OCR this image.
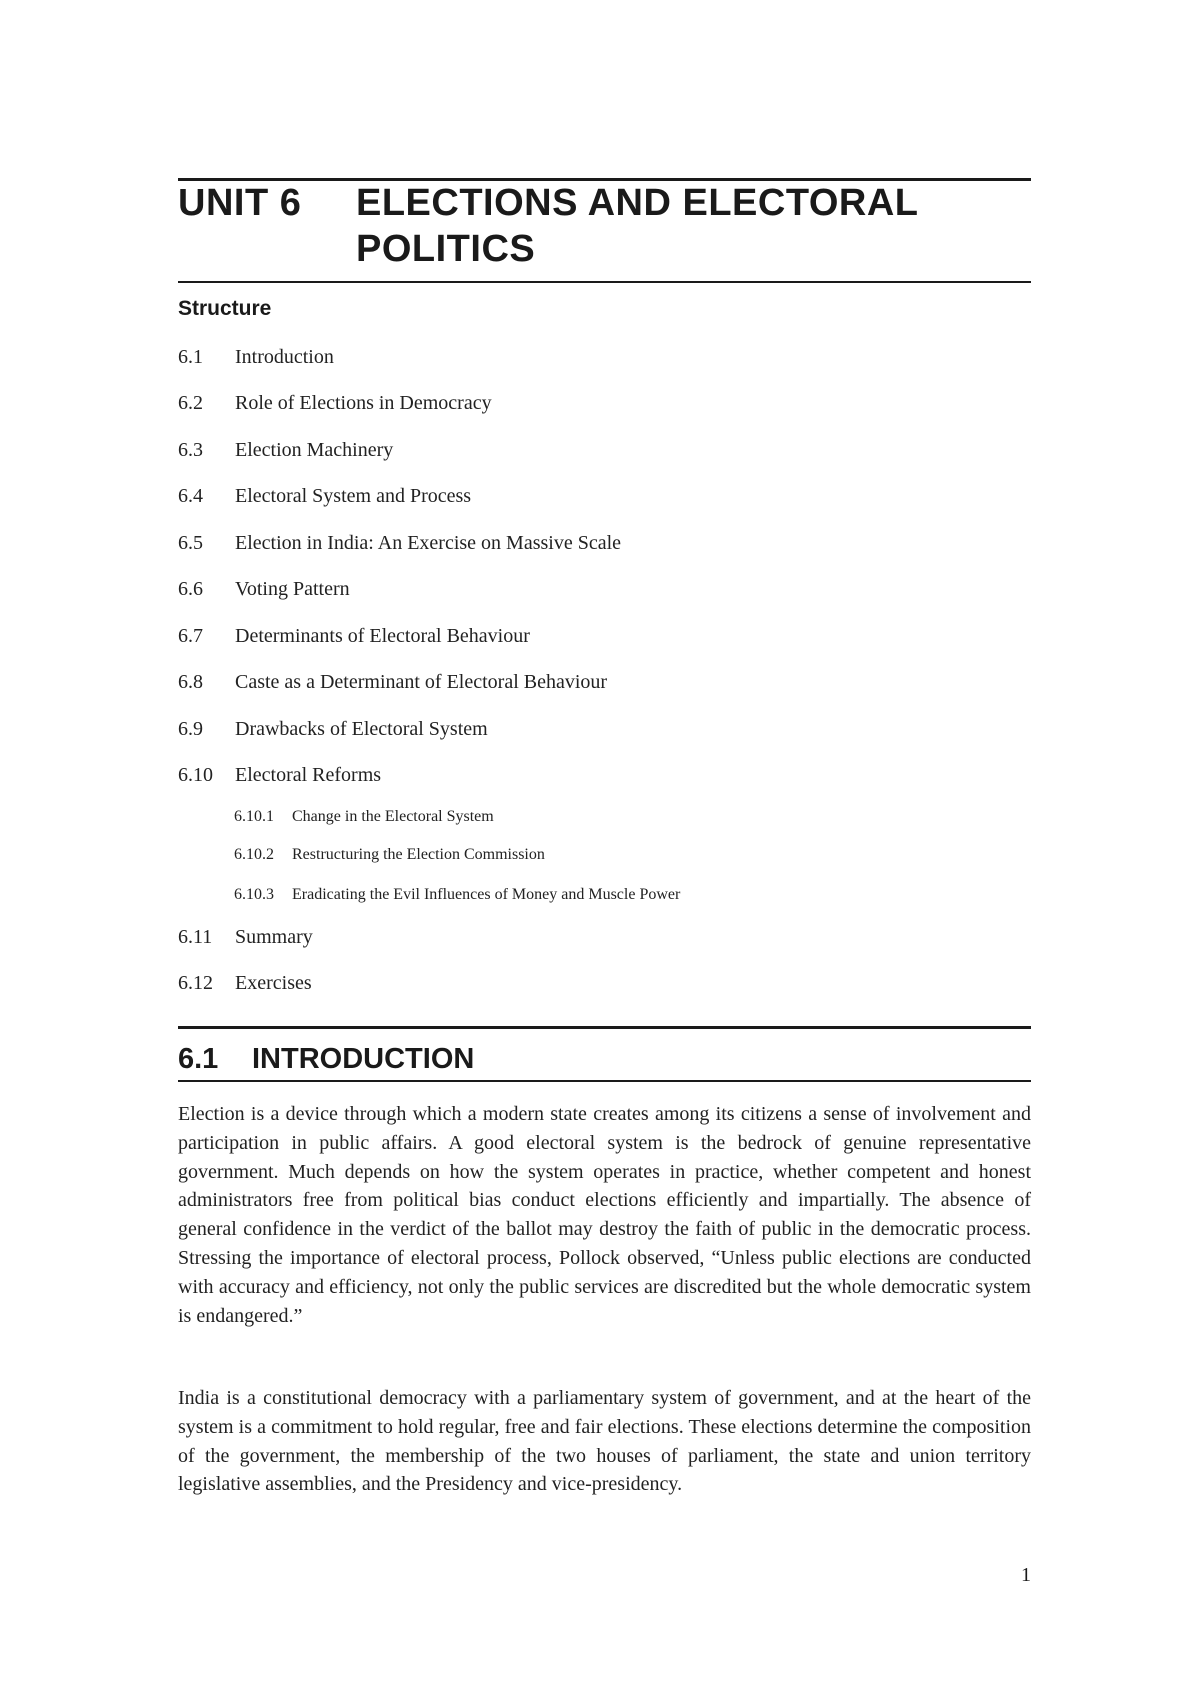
UNIT 6 ELECTIONS AND ELECTORAL POLITICS
Structure
6.1 Introduction
6.2 Role of Elections in Democracy
6.3 Election Machinery
6.4 Electoral System and Process
6.5 Election in India: An Exercise on Massive Scale
6.6 Voting Pattern
6.7 Determinants of Electoral Behaviour
6.8 Caste as a Determinant of Electoral Behaviour
6.9 Drawbacks of Electoral System
6.10 Electoral Reforms
6.10.1 Change in the Electoral System
6.10.2 Restructuring the Election Commission
6.10.3 Eradicating the Evil Influences of Money and Muscle Power
6.11 Summary
6.12 Exercises
6.1 INTRODUCTION

Election is a device through which a modern state creates among its citizens a sense of involvement and participation in public affairs. A good electoral system is the bedrock of genuine representative government. Much depends on how the system operates in practice, whether competent and honest administrators free from political bias conduct elections efficiently and impartially. The absence of general confidence in the verdict of the ballot may destroy the faith of public in the democratic process. Stressing the importance of electoral process, Pollock observed, “Unless public elections are conducted with accuracy and efficiency, not only the public services are discredited but the whole democratic system is endangered.”

India is a constitutional democracy with a parliamentary system of government, and at the heart of the system is a commitment to hold regular, free and fair elections. These elections determine the composition of the government, the membership of the two houses of parliament, the state and union territory legislative assemblies, and the Presidency and vice-presidency.

1
